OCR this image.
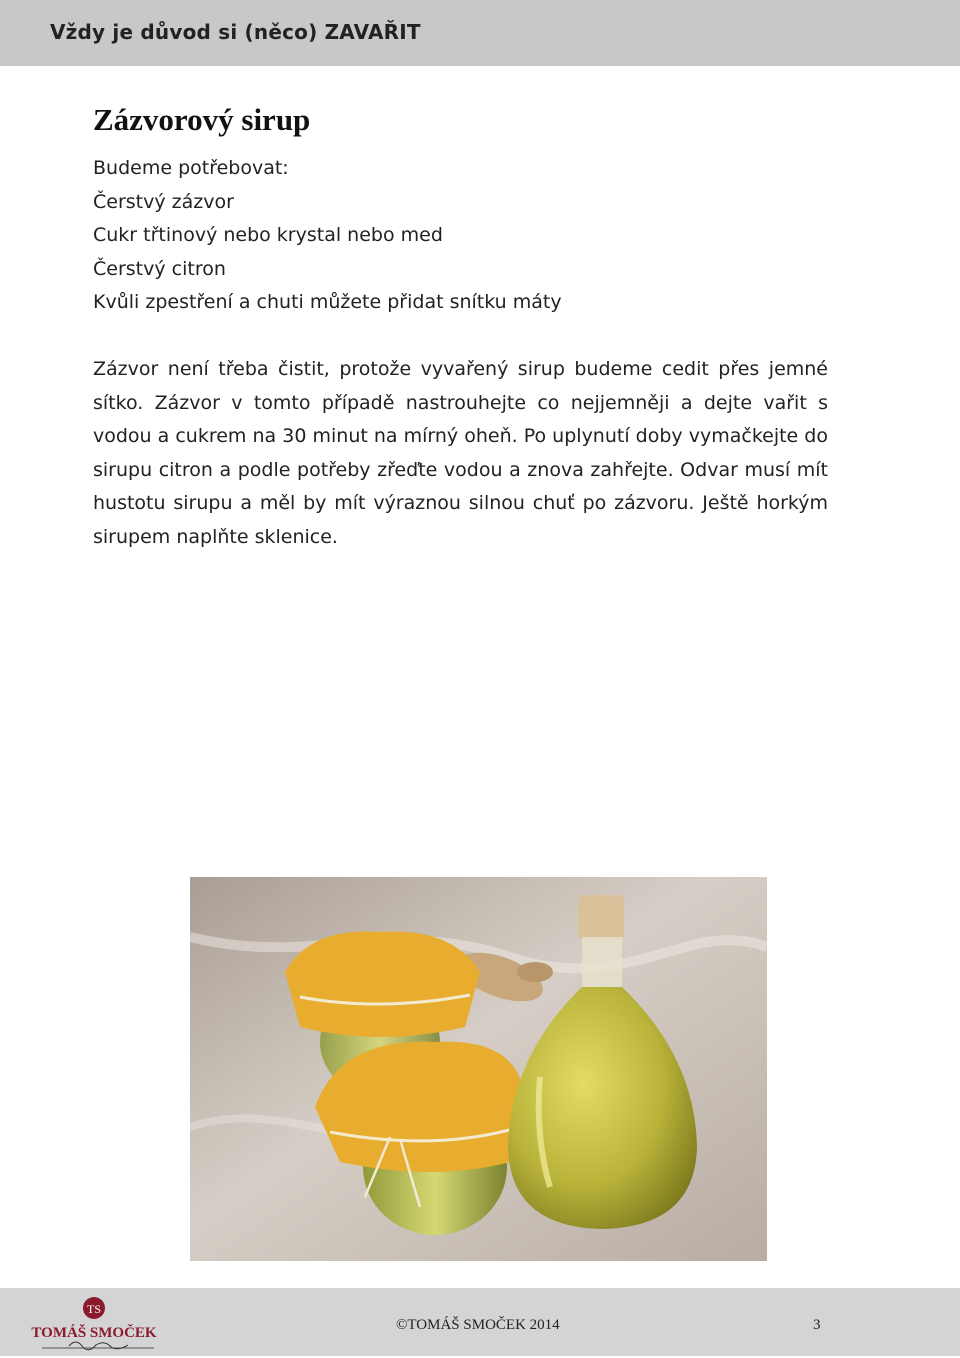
Vždy je důvod si (něco) ZAVAŘIT
Zázvorový sirup
Budeme potřebovat:
Čerstvý zázvor
Cukr třtinový nebo krystal nebo med
Čerstvý citron
Kvůli zpestření a chuti můžete přidat snítku máty

Zázvor není třeba čistit, protože vyvařený sirup budeme cedit přes jemné sítko. Zázvor v tomto případě nastrouhejte co nejjemněji a dejte vařit s vodou a cukrem na 30 minut na mírný oheň. Po uplynutí doby vymačkejte do sirupu citron a podle potřeby zřeďte vodou a znova zahřejte. Odvar musí mít hustotu sirupu a měl by mít výraznou silnou chuť po zázvoru. Ještě horkým sirupem naplňte sklenice.

TS
TOMÁŠ SMOČEK	©TOMÁŠ SMOČEK 2014	3
